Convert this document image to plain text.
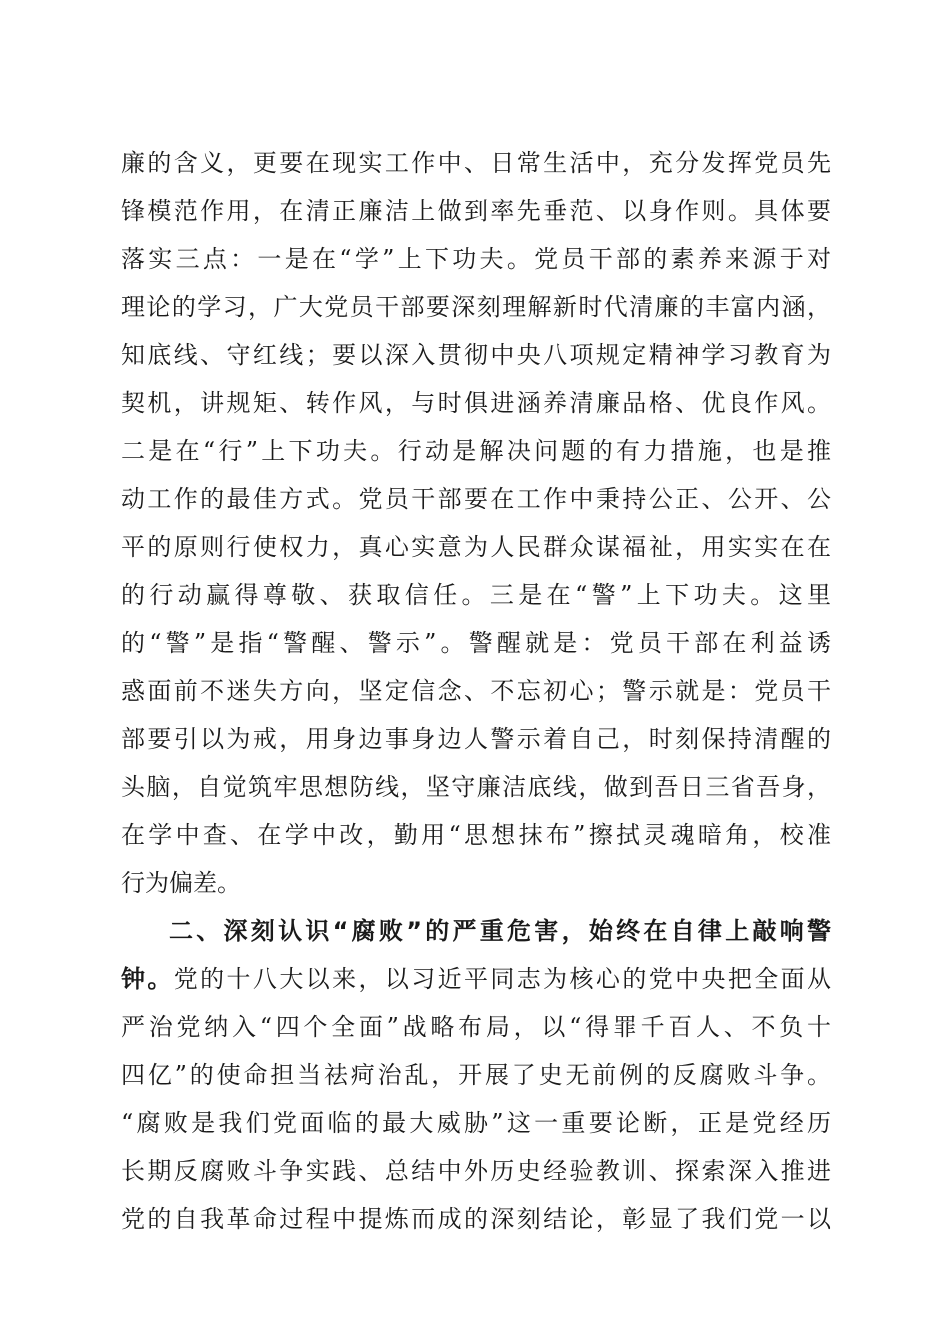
廉的含义，更要在现实工作中、日常生活中，充分发挥党员先
锋模范作用，在清正廉洁上做到率先垂范、以身作则。具体要
落实三点：一是在“学”上下功夫。党员干部的素养来源于对
理论的学习，广大党员干部要深刻理解新时代清廉的丰富内涵，
知底线、守红线；要以深入贯彻中央八项规定精神学习教育为
契机，讲规矩、转作风，与时俱进涵养清廉品格、优良作风。
二是在“行”上下功夫。行动是解决问题的有力措施，也是推
动工作的最佳方式。党员干部要在工作中秉持公正、公开、公
平的原则行使权力，真心实意为人民群众谋福祉，用实实在在
的行动赢得尊敬、获取信任。三是在“警”上下功夫。这里
的“警”是指“警醒、警示”。警醒就是：党员干部在利益诱
惑面前不迷失方向，坚定信念、不忘初心；警示就是：党员干
部要引以为戒，用身边事身边人警示着自己，时刻保持清醒的
头脑，自觉筑牢思想防线，坚守廉洁底线，做到吾日三省吾身，
在学中查、在学中改，勤用“思想抹布”擦拭灵魂暗角，校准
行为偏差。
二、深刻认识“腐败”的严重危害，始终在自律上敲响警
钟。党的十八大以来，以习近平同志为核心的党中央把全面从
严治党纳入“四个全面”战略布局，以“得罪千百人、不负十
四亿”的使命担当祛疴治乱，开展了史无前例的反腐败斗争。
“腐败是我们党面临的最大威胁”这一重要论断，正是党经历
长期反腐败斗争实践、总结中外历史经验教训、探索深入推进
党的自我革命过程中提炼而成的深刻结论，彰显了我们党一以
